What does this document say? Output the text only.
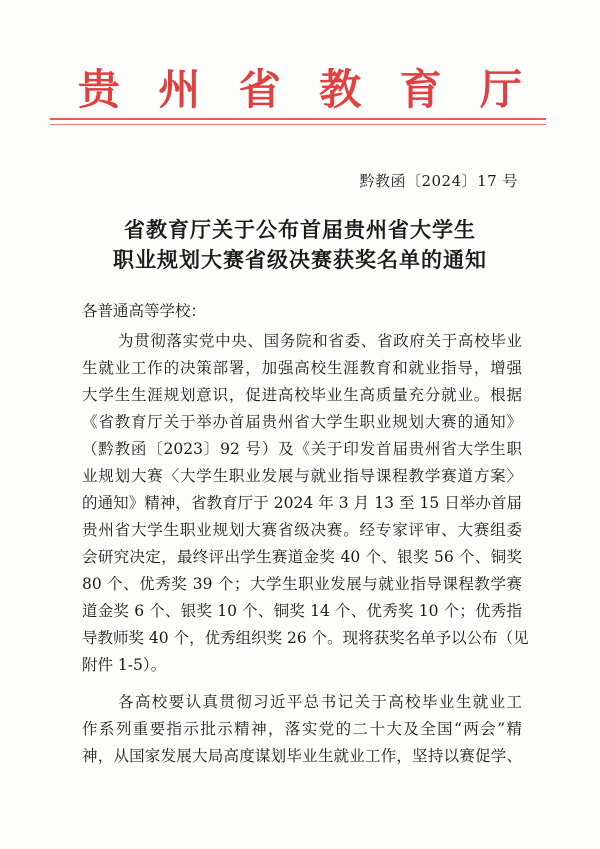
贵 州 省 教 育 厅
黔教函〔2024〕17 号
省教育厅关于公布首届贵州省大学生
职业规划大赛省级决赛获奖名单的通知
各普通高等学校：
为贯彻落实党中央、国务院和省委、省政府关于高校毕业
生就业工作的决策部署，加强高校生涯教育和就业指导，增强
大学生生涯规划意识，促进高校毕业生高质量充分就业。根据
《省教育厅关于举办首届贵州省大学生职业规划大赛的通知》
（黔教函〔2023〕92 号）及《关于印发首届贵州省大学生职
业规划大赛〈大学生职业发展与就业指导课程教学赛道方案〉
的通知》精神，省教育厅于 2024 年 3 月 13 至 15 日举办首届
贵州省大学生职业规划大赛省级决赛。经专家评审、大赛组委
会研究决定，最终评出学生赛道金奖 40 个、银奖 56 个、铜奖
80 个、优秀奖 39 个；大学生职业发展与就业指导课程教学赛
道金奖 6 个、银奖 10 个、铜奖 14 个、优秀奖 10 个；优秀指
导教师奖 40 个，优秀组织奖 26 个。现将获奖名单予以公布（见
附件 1-5）。
各高校要认真贯彻习近平总书记关于高校毕业生就业工
作系列重要指示批示精神，落实党的二十大及全国“两会”精
神，从国家发展大局高度谋划毕业生就业工作，坚持以赛促学、
